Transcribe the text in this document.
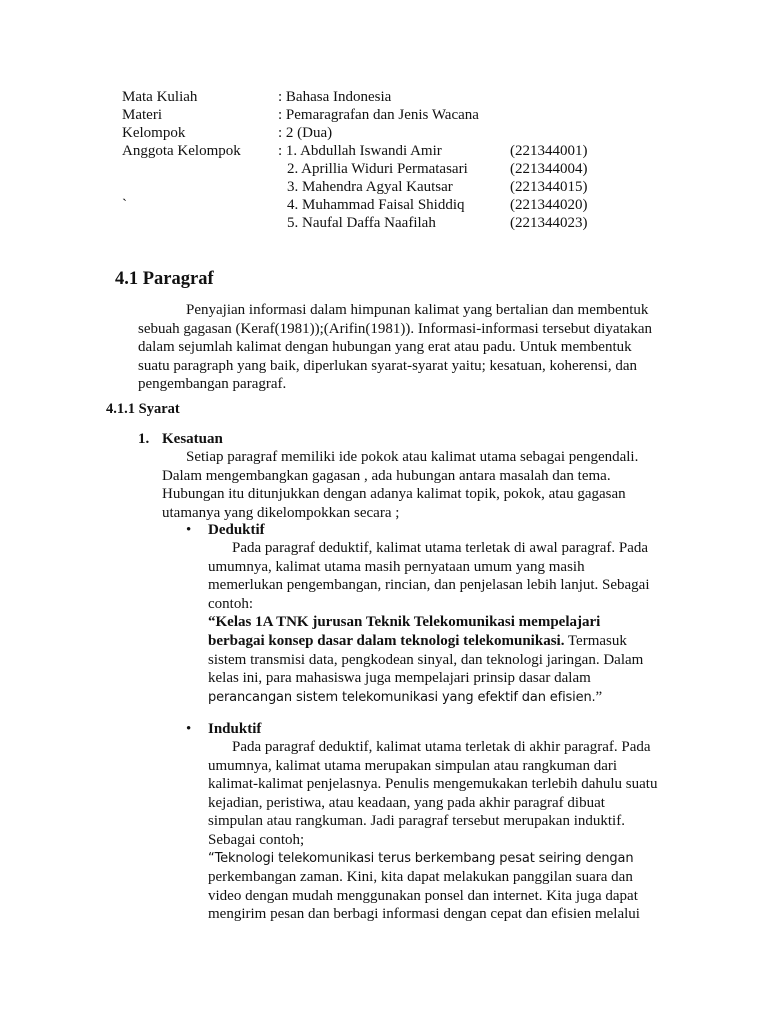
Mata Kuliah	: Bahasa Indonesia
Materi	: Pemaragrafan dan Jenis Wacana
Kelompok	: 2 (Dua)
Anggota Kelompok : 1. Abdullah Iswandi Amir	(221344001)
2. Aprillia Widuri Permatasari	(221344004)
3. Mahendra Agyal Kautsar	(221344015)
`	4. Muhammad Faisal Shiddiq	(221344020)
5. Naufal Daffa Naafilah	(221344023)
4.1 Paragraf
Penyajian informasi dalam himpunan kalimat yang bertalian dan membentuk
sebuah gagasan (Keraf(1981));(Arifin(1981)). Informasi-informasi tersebut diyatakan
dalam sejumlah kalimat dengan hubungan yang erat atau padu. Untuk membentuk
suatu paragraph yang baik, diperlukan syarat-syarat yaitu; kesatuan, koherensi, dan
pengembangan paragraf.
4.1.1 Syarat
1. Kesatuan
Setiap paragraf memiliki ide pokok atau kalimat utama sebagai pengendali.
Dalam mengembangkan gagasan , ada hubungan antara masalah dan tema.
Hubungan itu ditunjukkan dengan adanya kalimat topik, pokok, atau gagasan
utamanya yang dikelompokkan secara ;
• Deduktif
Pada paragraf deduktif, kalimat utama terletak di awal paragraf. Pada
umumnya, kalimat utama masih pernyataan umum yang masih
memerlukan pengembangan, rincian, dan penjelasan lebih lanjut. Sebagai
contoh:
“Kelas 1A TNK jurusan Teknik Telekomunikasi mempelajari
berbagai konsep dasar dalam teknologi telekomunikasi. Termasuk
sistem transmisi data, pengkodean sinyal, dan teknologi jaringan. Dalam
kelas ini, para mahasiswa juga mempelajari prinsip dasar dalam
perancangan sistem telekomunikasi yang efektif dan efisien.”
• Induktif
Pada paragraf deduktif, kalimat utama terletak di akhir paragraf. Pada
umumnya, kalimat utama merupakan simpulan atau rangkuman dari
kalimat-kalimat penjelasnya. Penulis mengemukakan terlebih dahulu suatu
kejadian, peristiwa, atau keadaan, yang pada akhir paragraf dibuat
simpulan atau rangkuman. Jadi paragraf tersebut merupakan induktif.
Sebagai contoh;
“Teknologi telekomunikasi terus berkembang pesat seiring dengan
perkembangan zaman. Kini, kita dapat melakukan panggilan suara dan
video dengan mudah menggunakan ponsel dan internet. Kita juga dapat
mengirim pesan dan berbagi informasi dengan cepat dan efisien melalui
